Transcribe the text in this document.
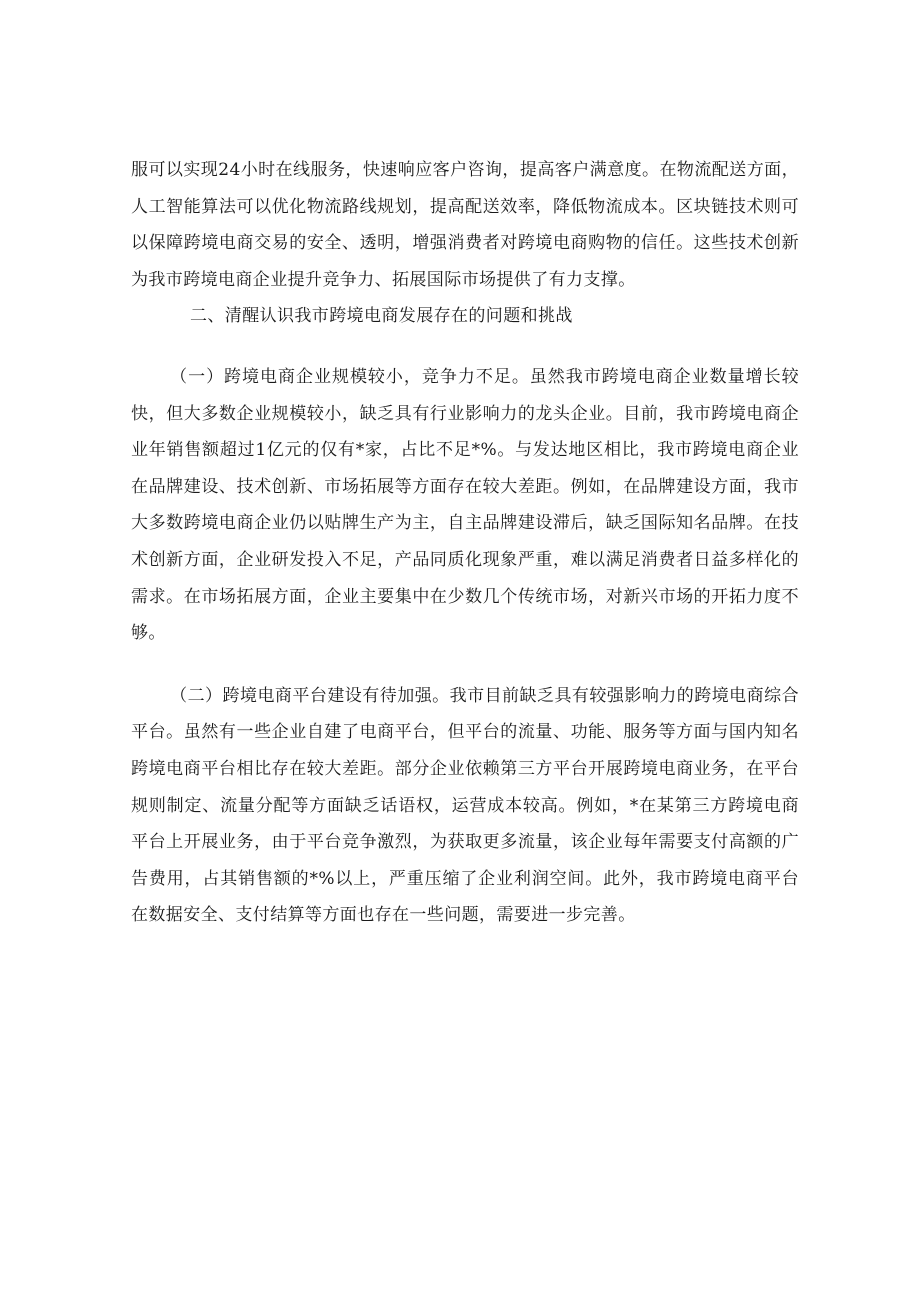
服可以实现24小时在线服务，快速响应客户咨询，提高客户满意度。在物流配送方面，人工智能算法可以优化物流路线规划，提高配送效率，降低物流成本。区块链技术则可以保障跨境电商交易的安全、透明，增强消费者对跨境电商购物的信任。这些技术创新为我市跨境电商企业提升竞争力、拓展国际市场提供了有力支撑。

二、清醒认识我市跨境电商发展存在的问题和挑战

（一）跨境电商企业规模较小，竞争力不足。虽然我市跨境电商企业数量增长较快，但大多数企业规模较小，缺乏具有行业影响力的龙头企业。目前，我市跨境电商企业年销售额超过1亿元的仅有*家，占比不足*%。与发达地区相比，我市跨境电商企业在品牌建设、技术创新、市场拓展等方面存在较大差距。例如，在品牌建设方面，我市大多数跨境电商企业仍以贴牌生产为主，自主品牌建设滞后，缺乏国际知名品牌。在技术创新方面，企业研发投入不足，产品同质化现象严重，难以满足消费者日益多样化的需求。在市场拓展方面，企业主要集中在少数几个传统市场，对新兴市场的开拓力度不够。

（二）跨境电商平台建设有待加强。我市目前缺乏具有较强影响力的跨境电商综合平台。虽然有一些企业自建了电商平台，但平台的流量、功能、服务等方面与国内知名跨境电商平台相比存在较大差距。部分企业依赖第三方平台开展跨境电商业务，在平台规则制定、流量分配等方面缺乏话语权，运营成本较高。例如，*在某第三方跨境电商平台上开展业务，由于平台竞争激烈，为获取更多流量，该企业每年需要支付高额的广告费用，占其销售额的*%以上，严重压缩了企业利润空间。此外，我市跨境电商平台在数据安全、支付结算等方面也存在一些问题，需要进一步完善。
